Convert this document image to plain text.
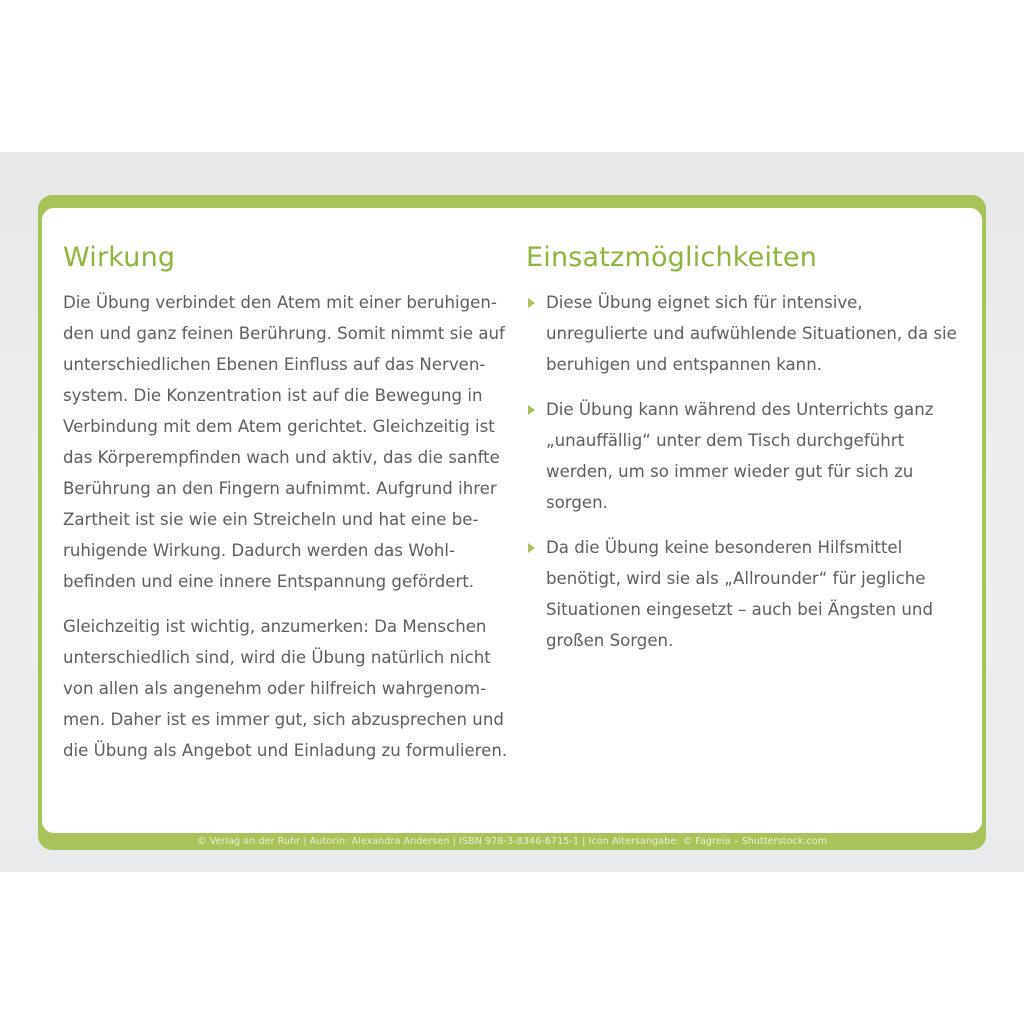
Wirkung

Die Übung verbindet den Atem mit einer beruhigen-den und ganz feinen Berührung. Somit nimmt sie auf unterschiedlichen Ebenen Einfluss auf das Nerven-system. Die Konzentration ist auf die Bewegung in Verbindung mit dem Atem gerichtet. Gleichzeitig ist das Körperempfinden wach und aktiv, das die sanfte Berührung an den Fingern aufnimmt. Aufgrund ihrer Zartheit ist sie wie ein Streicheln und hat eine be-ruhigende Wirkung. Dadurch werden das Wohl-befinden und eine innere Entspannung gefördert.

Gleichzeitig ist wichtig, anzumerken: Da Menschen unterschiedlich sind, wird die Übung natürlich nicht von allen als angenehm oder hilfreich wahrgenom-men. Daher ist es immer gut, sich abzusprechen und die Übung als Angebot und Einladung zu formulieren.

Einsatzmöglichkeiten
Diese Übung eignet sich für intensive, unregulierte und aufwühlende Situationen, da sie beruhigen und entspannen kann.
Die Übung kann während des Unterrichts ganz „unauffällig“ unter dem Tisch durchgeführt werden, um so immer wieder gut für sich zu sorgen.
Da die Übung keine besonderen Hilfsmittel benötigt, wird sie als „Allrounder“ für jegliche Situationen eingesetzt – auch bei Ängsten und großen Sorgen.
© Verlag an der Ruhr | Autorin: Alexandra Andersen | ISBN 978-3-8346-6715-1 | Icon Altersangabe: © Fagreia – Shutterstock.com
